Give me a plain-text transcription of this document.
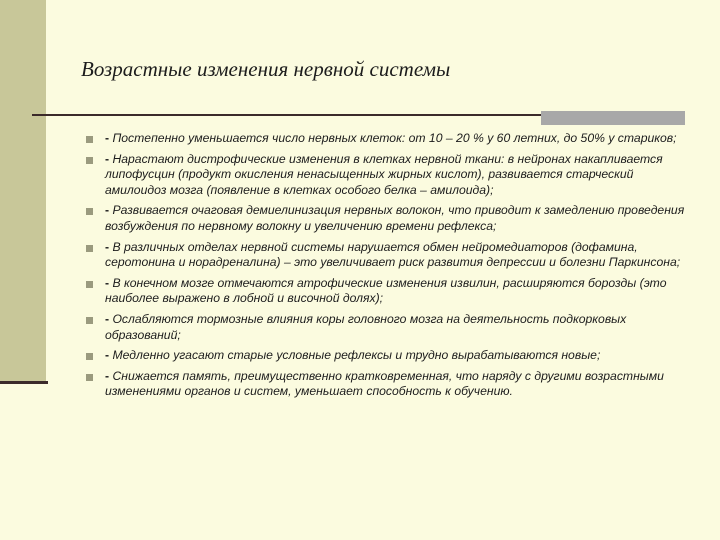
Возрастные изменения нервной системы
- Постепенно уменьшается число нервных клеток: от 10 – 20 % у 60 летних, до 50% у стариков;
- Нарастают дистрофические изменения в клетках нервной ткани: в нейронах накапливается липофусцин (продукт окисления ненасыщенных жирных кислот), развивается старческий амилоидоз мозга (появление в клетках особого белка – амилоида);
- Развивается очаговая демиелинизация нервных волокон, что приводит к замедлению проведения возбуждения по нервному волокну и увеличению времени рефлекса;
- В различных отделах нервной системы нарушается обмен нейромедиаторов (дофамина, серотонина и норадреналина) – это увеличивает риск развития депрессии и болезни Паркинсона;
- В конечном мозге отмечаются атрофические изменения извилин, расширяются борозды (это наиболее выражено в лобной и височной долях);
- Ослабляются тормозные влияния коры головного мозга на деятельность подкорковых образований;
- Медленно угасают старые условные рефлексы и трудно вырабатываются новые;
- Снижается память, преимущественно кратковременная, что наряду с другими возрастными изменениями органов и систем, уменьшает способность к обучению.
